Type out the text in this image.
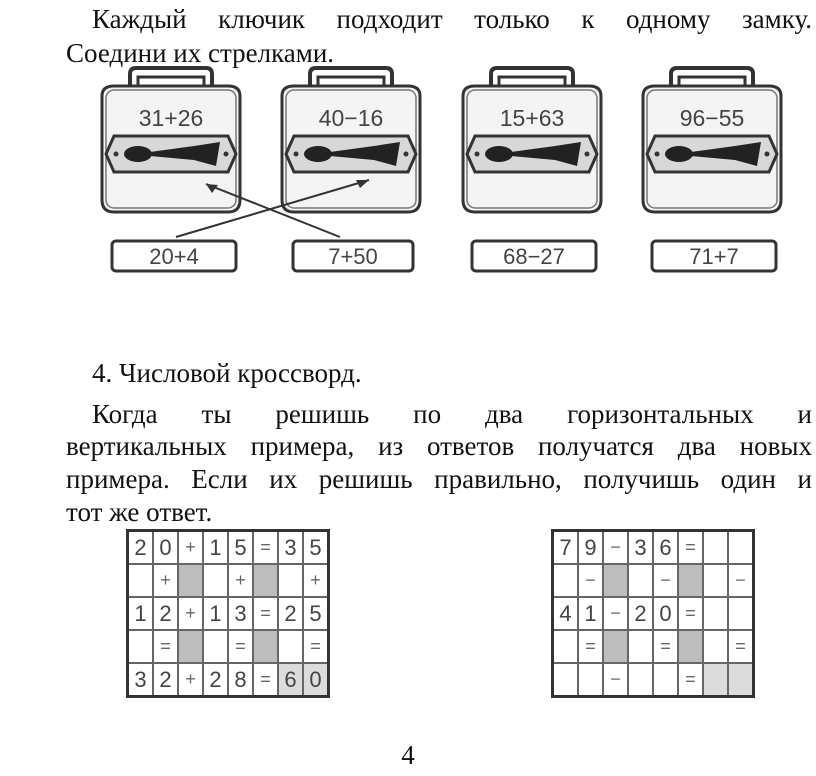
Каждый ключик подходит только к одному замку.

Соедини их стрелками.

31+26	40−16	15+63	96−55
20+4	7+50	68−27	71+7

4. Числовой кроссворд.

Когда ты решишь по два горизонтальных и

вертикальных примера, из ответов получатся два новых

примера. Если их решишь правильно, получишь один и

тот же ответ.

2	0	+	1	5	=	3	5
	+			+			+
1	2	+	1	3	=	2	5
	=			=			=
3	2	+	2	8	=	6	0
7	9	−	3	6	=		
	−			−			−
4	1	−	2	0	=		
	=			=			=
		−			=		
4
